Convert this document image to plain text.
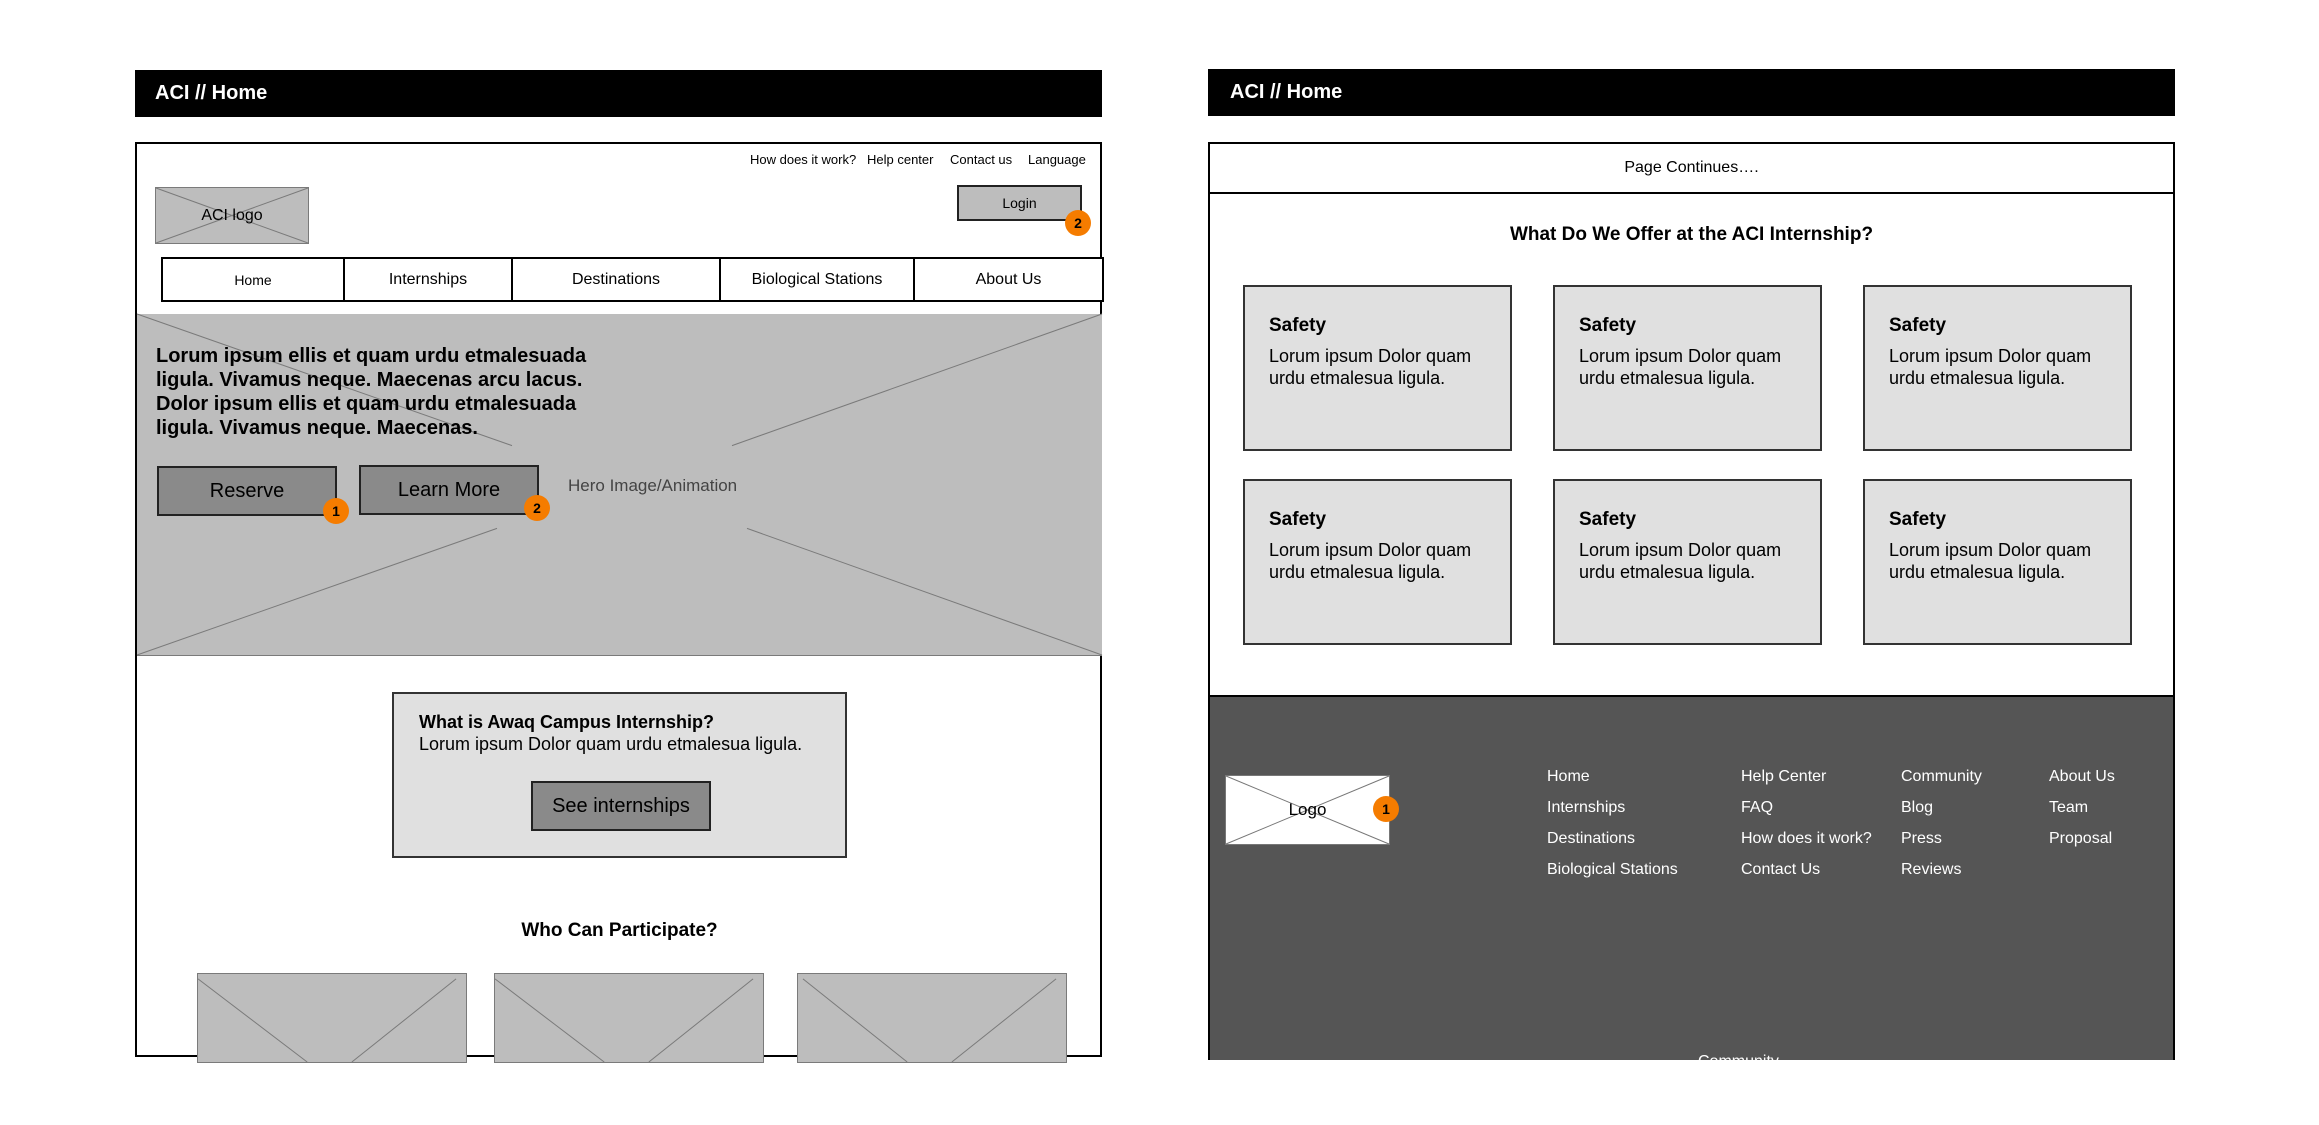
ACI // Home
How does it work? Help center Contact us Language
ACI logo
Login
2
Home	Internships	Destinations	Biological Stations	About Us
Lorum ipsum ellis et quam urdu etmalesuada ligula. Vivamus neque. Maecenas arcu lacus. Dolor ipsum ellis et quam urdu etmalesuada ligula. Vivamus neque. Maecenas.
Hero Image/Animation
Reserve
1
Learn More
2
What is Awaq Campus Internship?
Lorum ipsum Dolor quam urdu etmalesua ligula.
See internships
Who Can Participate?
ACI // Home
Page Continues….
What Do We Offer at the ACI Internship?
Safety
Lorum ipsum Dolor quam urdu etmalesua ligula.
Safety
Lorum ipsum Dolor quam urdu etmalesua ligula.
Safety
Lorum ipsum Dolor quam urdu etmalesua ligula.
Safety
Lorum ipsum Dolor quam urdu etmalesua ligula.
Safety
Lorum ipsum Dolor quam urdu etmalesua ligula.
Safety
Lorum ipsum Dolor quam urdu etmalesua ligula.
Logo	1
Home
Internships
Destinations
Biological Stations
Help Center
FAQ
How does it work?
Contact Us
Community
Blog
Press
Reviews
About Us
Team
Proposal
Community
